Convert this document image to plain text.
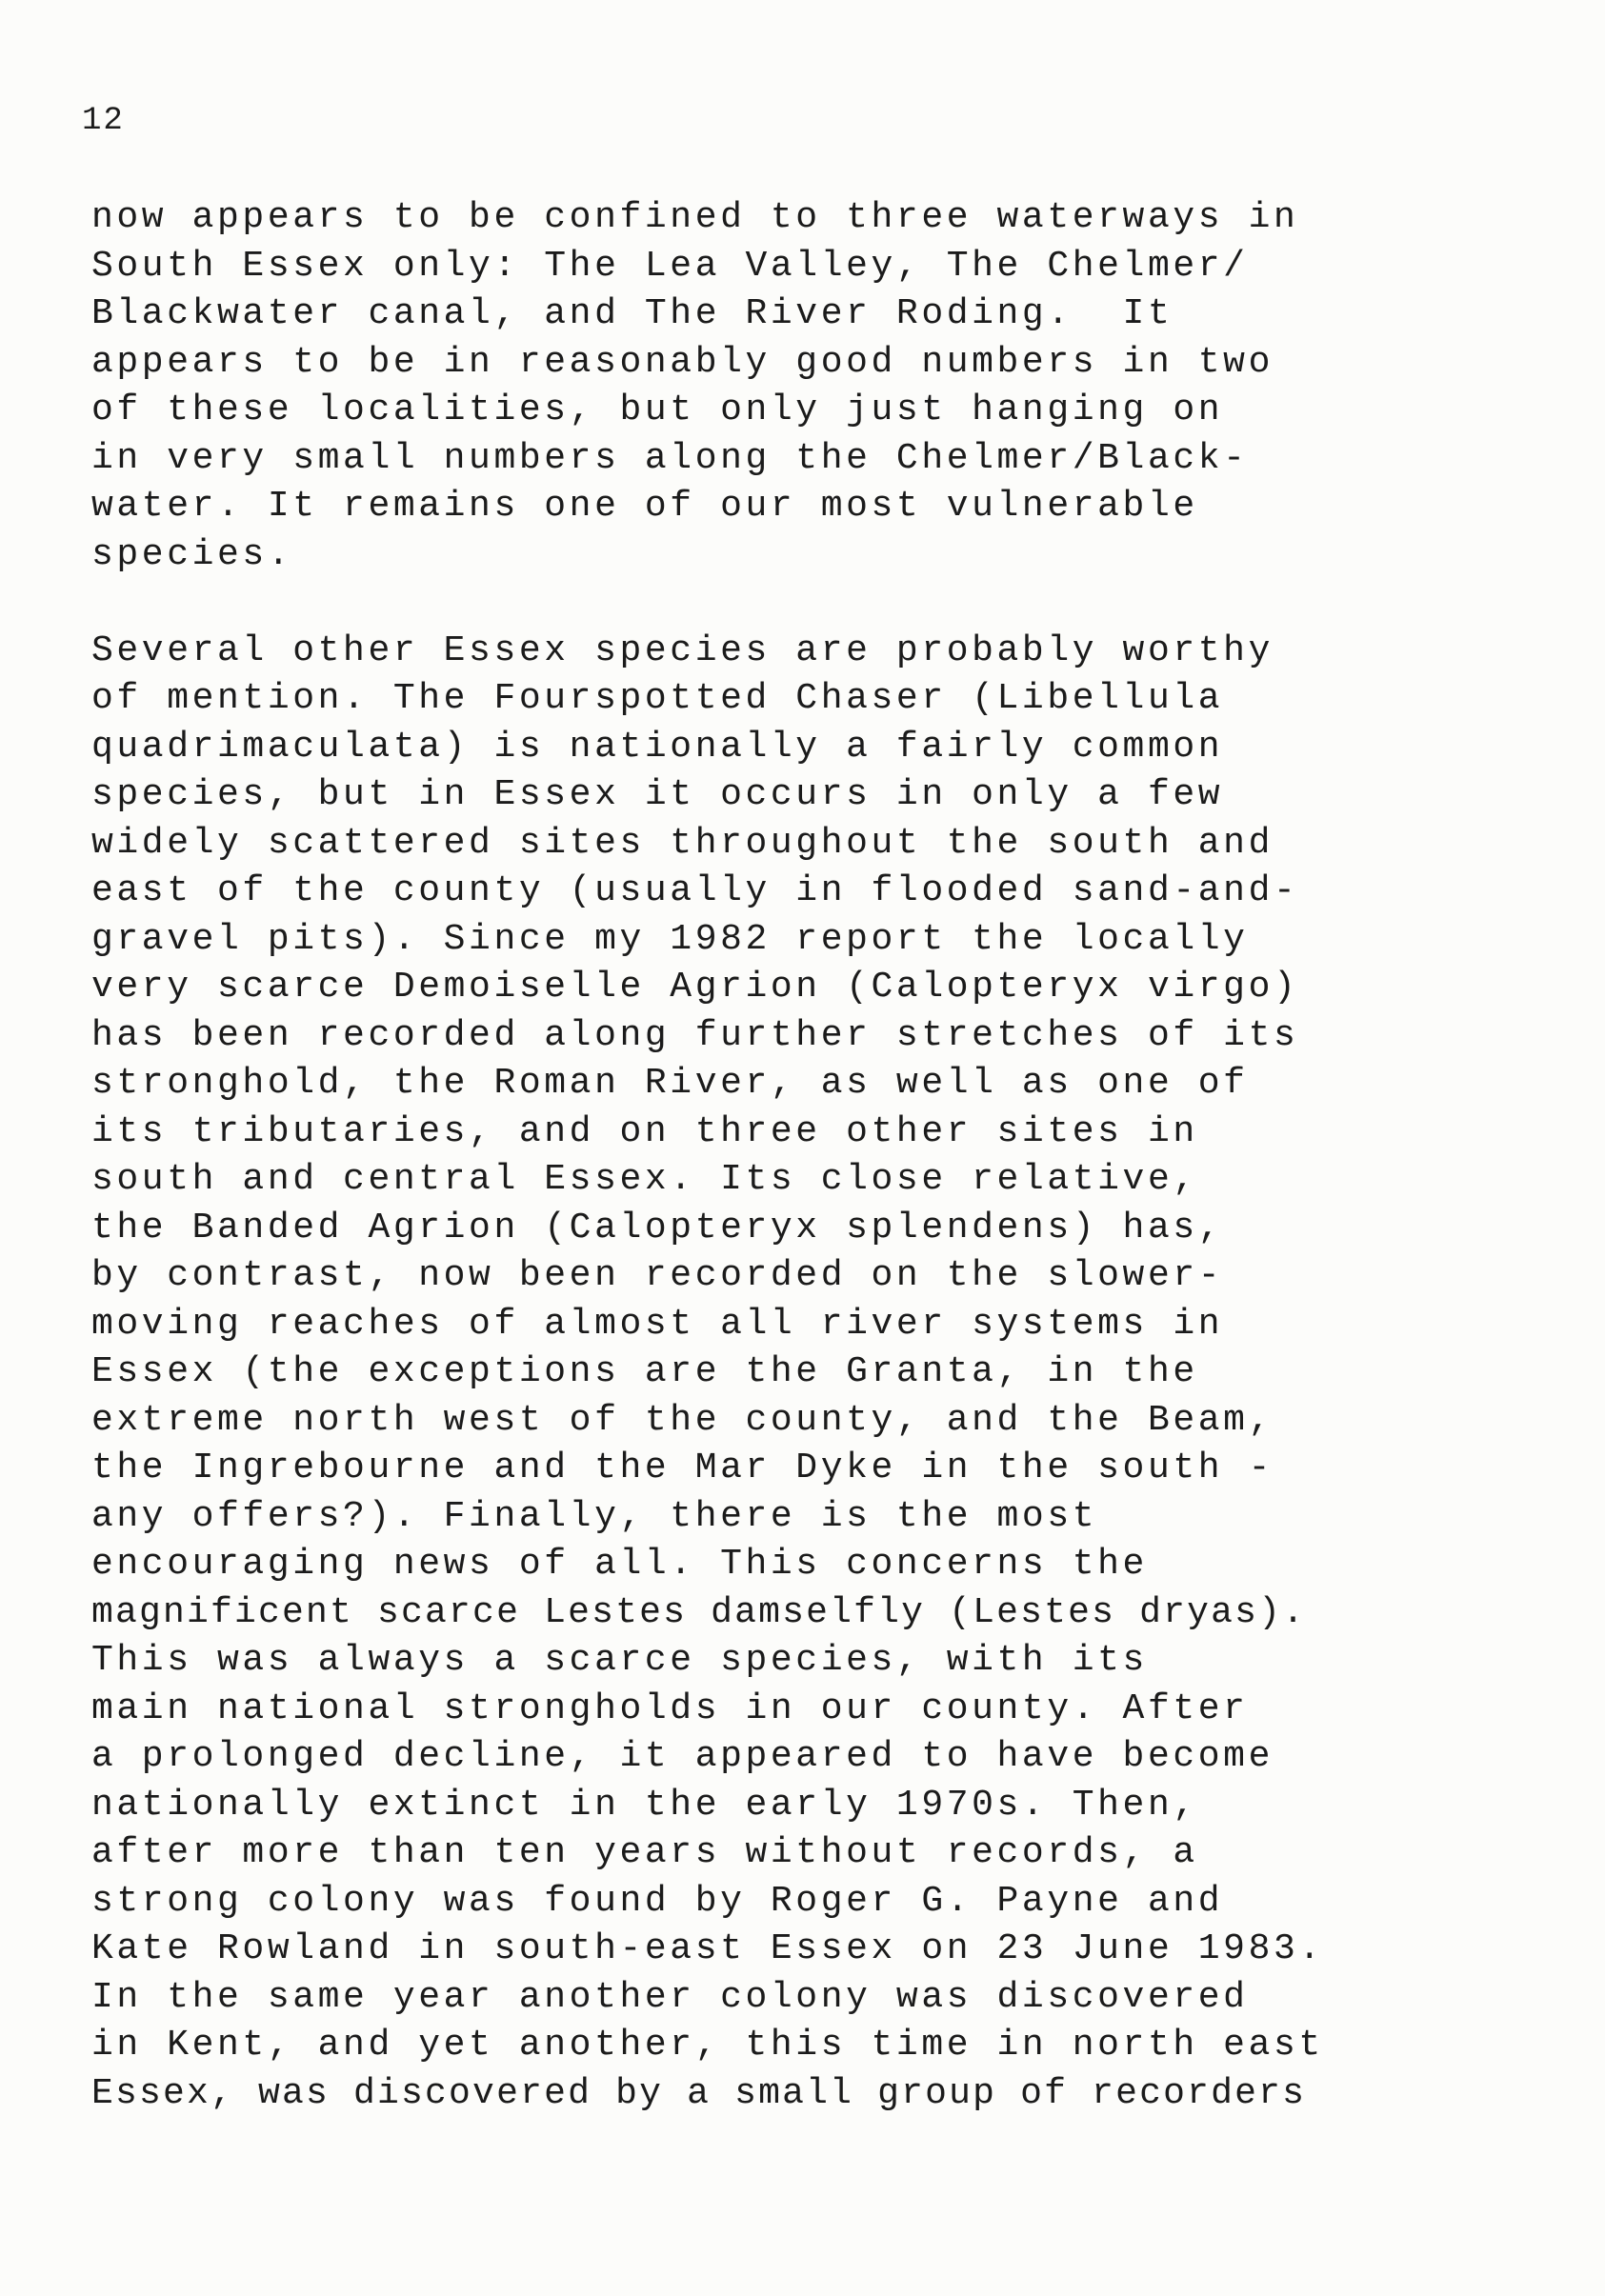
12

now appears to be confined to three waterways in
South Essex only: The Lea Valley, The Chelmer/
Blackwater canal, and The River Roding.  It
appears to be in reasonably good numbers in two
of these localities, but only just hanging on
in very small numbers along the Chelmer/Black-
water. It remains one of our most vulnerable
species.

Several other Essex species are probably worthy
of mention. The Fourspotted Chaser (Libellula
quadrimaculata) is nationally a fairly common
species, but in Essex it occurs in only a few
widely scattered sites throughout the south and
east of the county (usually in flooded sand-and-
gravel pits). Since my 1982 report the locally
very scarce Demoiselle Agrion (Calopteryx virgo)
has been recorded along further stretches of its
stronghold, the Roman River, as well as one of
its tributaries, and on three other sites in
south and central Essex. Its close relative,
the Banded Agrion (Calopteryx splendens) has,
by contrast, now been recorded on the slower-
moving reaches of almost all river systems in
Essex (the exceptions are the Granta, in the
extreme north west of the county, and the Beam,
the Ingrebourne and the Mar Dyke in the south -
any offers?). Finally, there is the most
encouraging news of all. This concerns the
magnificent scarce Lestes damselfly (Lestes dryas).
This was always a scarce species, with its
main national strongholds in our county. After
a prolonged decline, it appeared to have become
nationally extinct in the early 1970s. Then,
after more than ten years without records, a
strong colony was found by Roger G. Payne and
Kate Rowland in south-east Essex on 23 June 1983.
In the same year another colony was discovered
in Kent, and yet another, this time in north east
Essex, was discovered by a small group of recorders
